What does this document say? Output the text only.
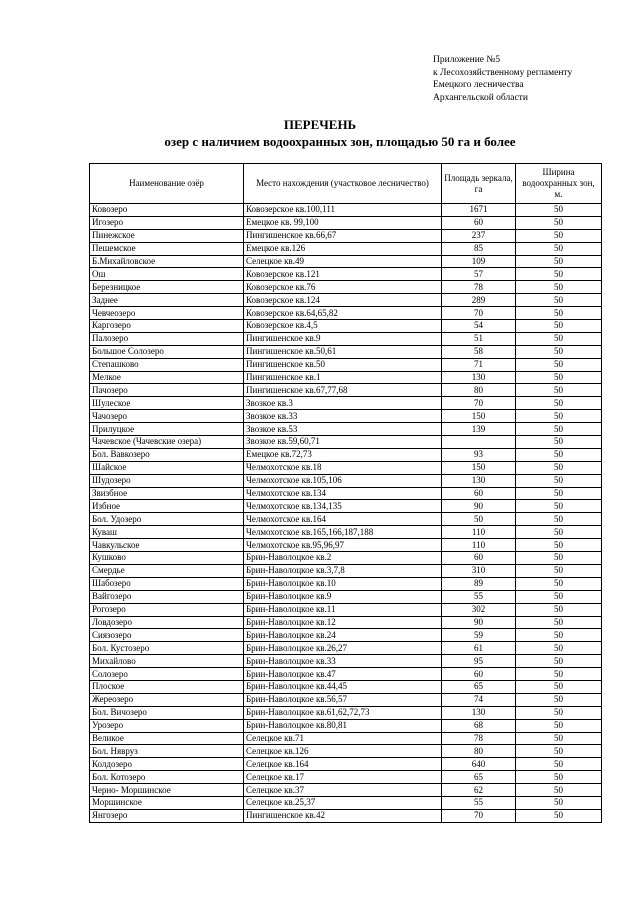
Приложение №5
к Лесохозяйственному регламенту
Емецкого лесничества
Архангельской области
ПЕРЕЧЕНЬ
озер с наличием водоохранных зон, площадью 50 га и более
Наименование озёр	Место нахождения (участковое лесничество)	Площадь зеркала, га	Ширина водоохранных зон, м.
Ковозеро	Ковозерское кв.100,111	1671	50
Игозеро	Емецкое кв. 99,100	60	50
Пинежское	Пингишенское кв.66,67	237	50
Пешемское	Емецкое кв.126	85	50
Б.Михайловское	Селецкое кв.49	109	50
Ош	Ковозерское кв.121	57	50
Березницкое	Ковозерское кв.76	78	50
Заднее	Ковозерское кв.124	289	50
Чевчеозеро	Ковозерское кв.64,65,82	70	50
Каргозеро	Ковозерское кв.4,5	54	50
Палозеро	Пингишенское кв.9	51	50
Большое Солозеро	Пингишенское кв.50,61	58	50
Степашково	Пингишенское кв.50	71	50
Мелкое	Пингишенское кв.1	130	50
Пачозеро	Пингишенское кв.67,77,68	80	50
Шулеское	Звозкое кв.3	70	50
Чачозеро	Звозкое кв.33	150	50
Прилуцкое	Звозкое кв.53	139	50
Чачевское (Чачевские озера)	Звозкое кв.59,60,71		50
Бол. Вавкозеро	Емецкое кв.72,73	93	50
Шайское	Челмохотское кв.18	150	50
Шудозеро	Челмохотское кв.105,106	130	50
Звизбное	Челмохотское кв.134	60	50
Избное	Челмохотское кв.134,135	90	50
Бол. Удозеро	Челмохотское кв.164	50	50
Куваш	Челмохотское кв.165,166,187,188	110	50
Чавкульское	Челмохотское кв.95,96,97	110	50
Кушково	Брин-Наволоцкое кв.2	60	50
Смердье	Брин-Наволоцкое кв.3,7,8	310	50
Шабозеро	Брин-Наволоцкое кв.10	89	50
Вайгозеро	Брин-Наволоцкое кв.9	55	50
Рогозеро	Брин-Наволоцкое кв.11	302	50
Ловдозеро	Брин-Наволоцкое кв.12	90	50
Сиязозеро	Брин-Наволоцкое кв.24	59	50
Бол. Кустозеро	Брин-Наволоцкое кв.26,27	61	50
Михайлово	Брин-Наволоцкое кв.33	95	50
Солозеро	Брин-Наволоцкое кв.47	60	50
Плоское	Брин-Наволоцкое кв.44,45	65	50
Жереозеро	Брин-Наволоцкое кв.56,57	74	50
Бол. Вичозеро	Брин-Наволоцкое кв.61,62,72,73	130	50
Урозеро	Брин-Наволоцкое кв.80,81	68	50
Великое	Селецкое кв.71	78	50
Бол. Нявруз	Селецкое кв.126	80	50
Колдозеро	Селецкое кв.164	640	50
Бол. Котозеро	Селецкое кв.17	65	50
Черно- Моршинское	Селецкое кв.37	62	50
Моршинское	Селецкое кв.25,37	55	50
Янгозеро	Пингишенское кв.42	70	50
